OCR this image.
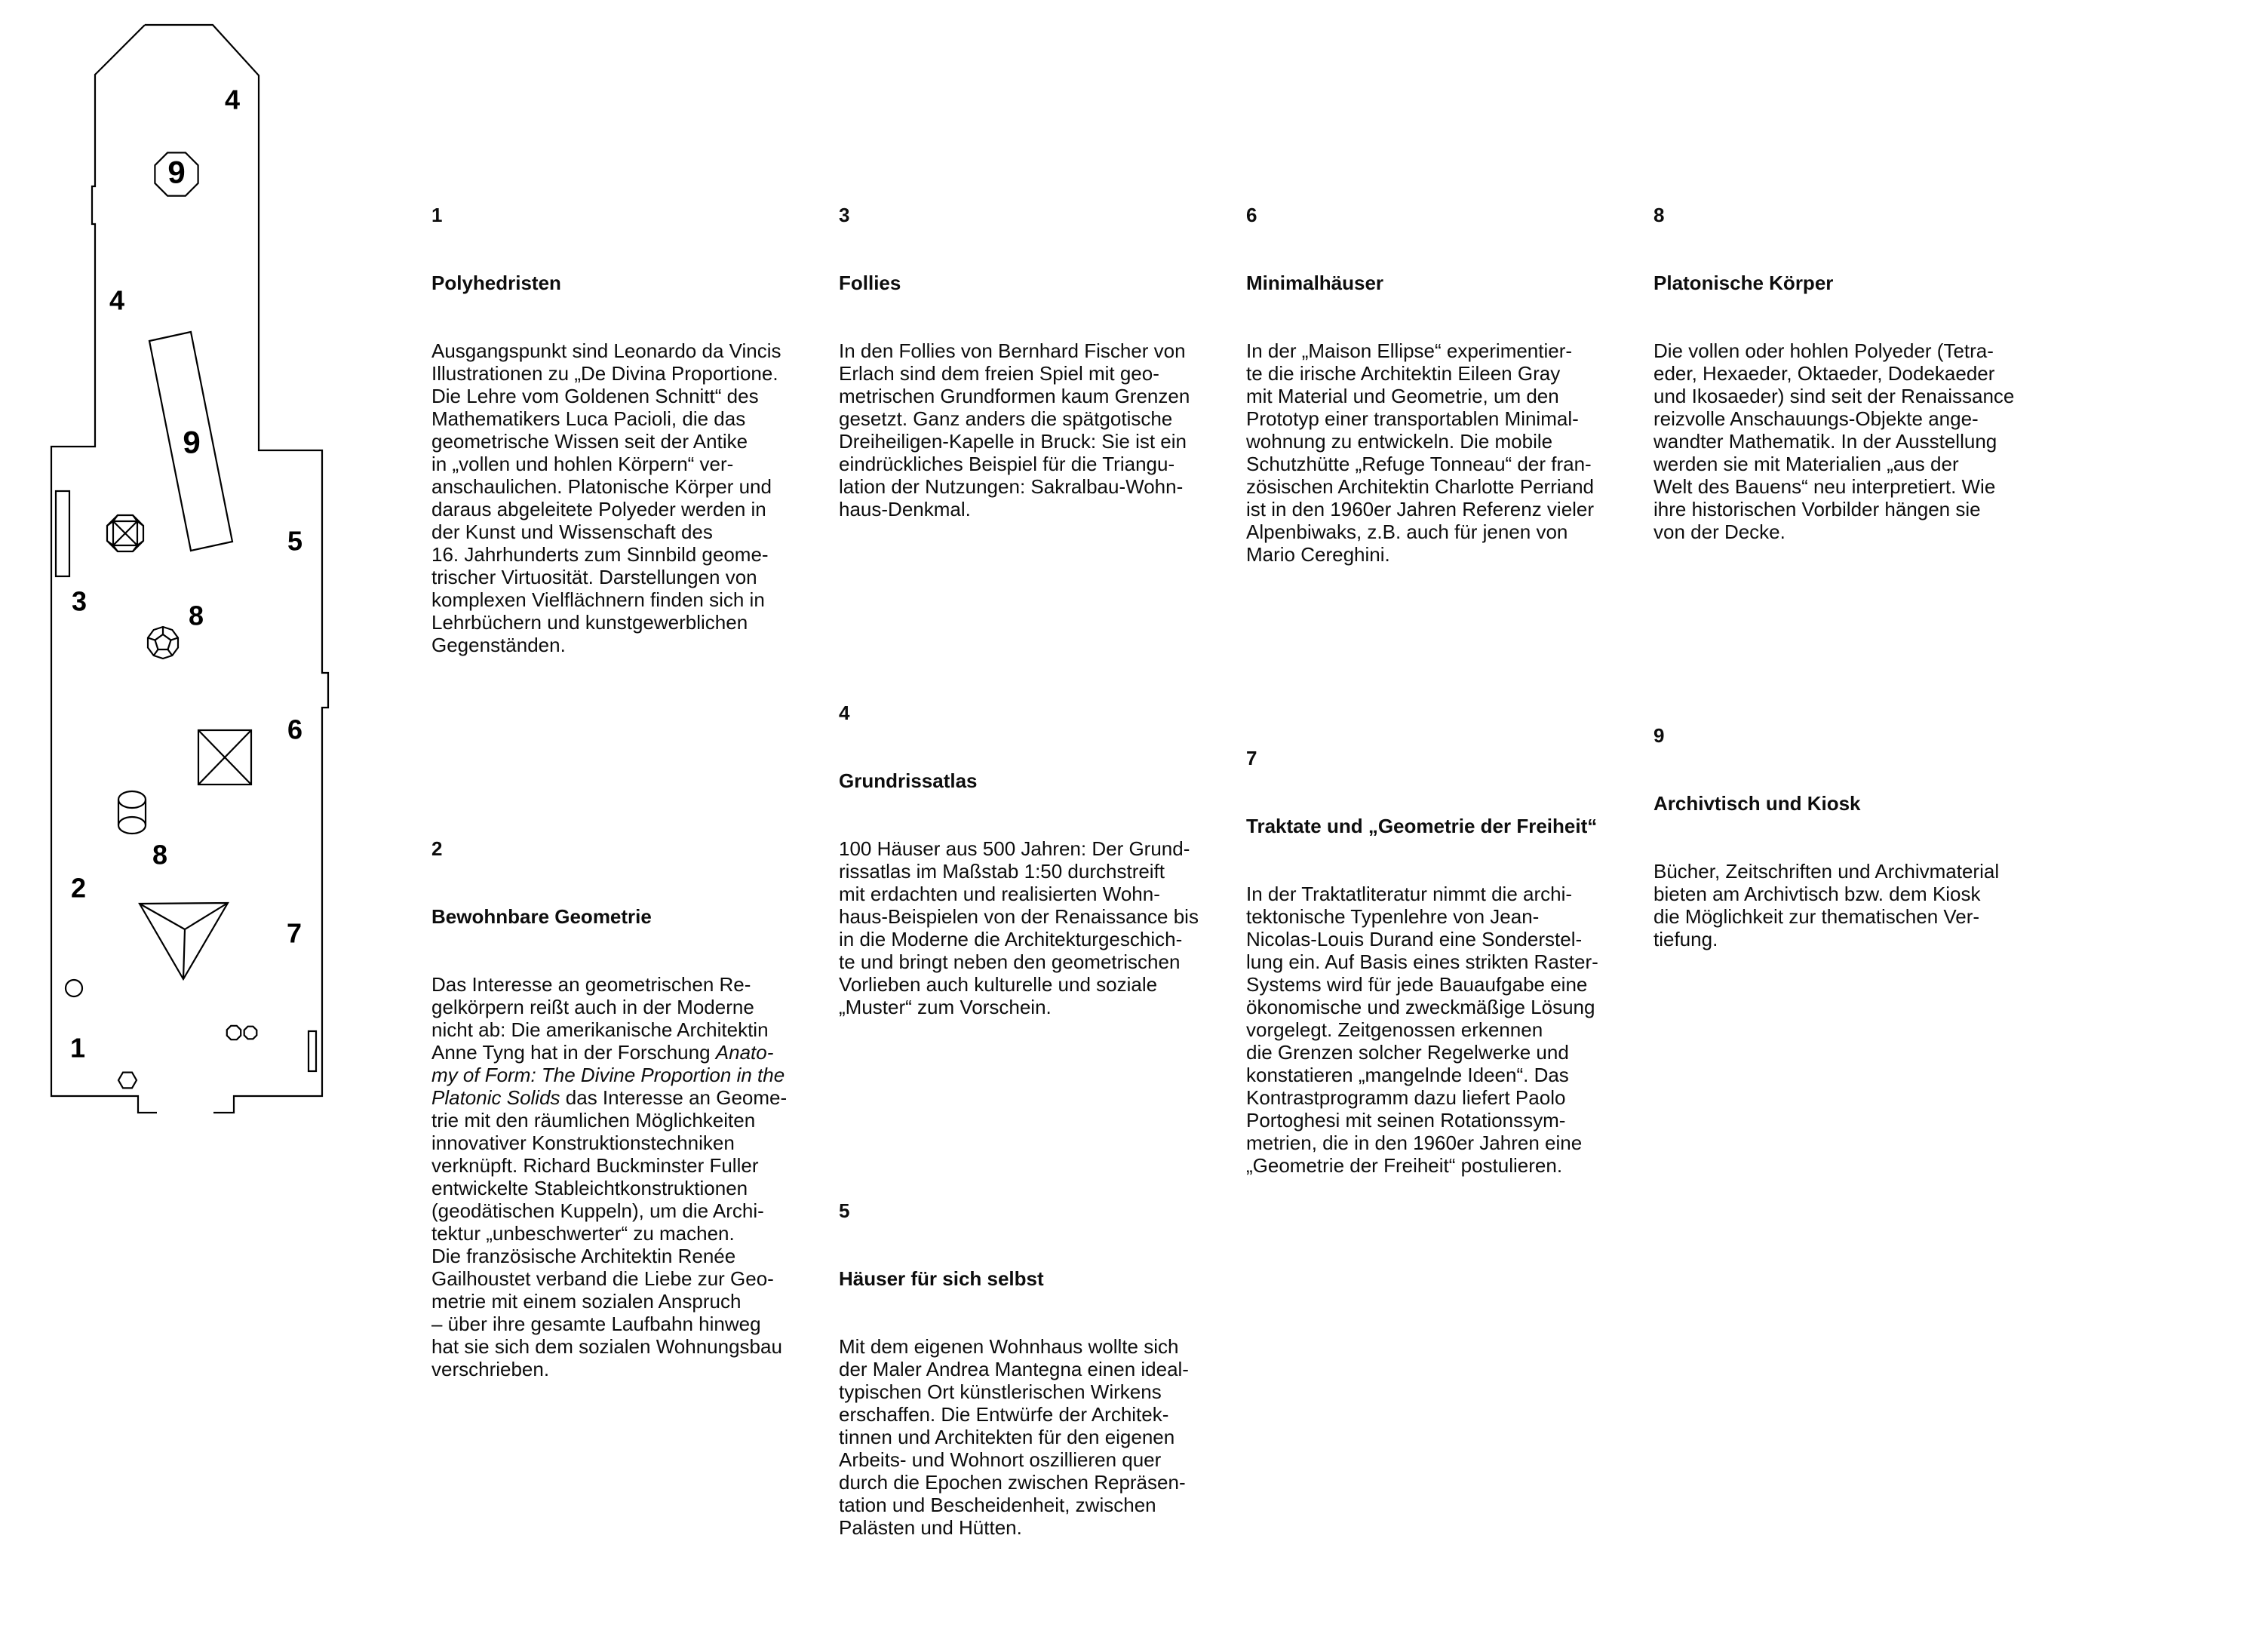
4
9
4
9
5
3	8
6
8
2
7
1

1

Polyhedristen

Ausgangspunkt sind Leonardo da Vincis
Illustrationen zu „De Divina Proportione.
Die Lehre vom Goldenen Schnitt“ des
Mathematikers Luca Pacioli, die das
geometrische Wissen seit der Antike
in „vollen und hohlen Körpern“ ver-
anschaulichen. Platonische Körper und
daraus abgeleitete Polyeder werden in
der Kunst und Wissenschaft des
16. Jahrhunderts zum Sinnbild geome-
trischer Virtuosität. Darstellungen von
komplexen Vielflächnern finden sich in
Lehrbüchern und kunstgewerblichen
Gegenständen.

2

Bewohnbare Geometrie

Das Interesse an geometrischen Re-
gelkörpern reißt auch in der Moderne
nicht ab: Die amerikanische Architektin
Anne Tyng hat in der Forschung Anato-
my of Form: The Divine Proportion in the
Platonic Solids das Interesse an Geome-
trie mit den räumlichen Möglichkeiten
innovativer Konstruktionstechniken
verknüpft. Richard Buckminster Fuller
entwickelte Stableichtkonstruktionen
(geodätischen Kuppeln), um die Archi-
tektur „unbeschwerter“ zu machen.
Die französische Architektin Renée
Gailhoustet verband die Liebe zur Geo-
metrie mit einem sozialen Anspruch
– über ihre gesamte Laufbahn hinweg
hat sie sich dem sozialen Wohnungsbau
verschrieben.

3

Follies

In den Follies von Bernhard Fischer von
Erlach sind dem freien Spiel mit geo-
metrischen Grundformen kaum Grenzen
gesetzt. Ganz anders die spätgotische
Dreiheiligen-Kapelle in Bruck: Sie ist ein
eindrückliches Beispiel für die Triangu-
lation der Nutzungen: Sakralbau-Wohn-
haus-Denkmal.

4

Grundrissatlas

100 Häuser aus 500 Jahren: Der Grund-
rissatlas im Maßstab 1:50 durchstreift
mit erdachten und realisierten Wohn-
haus-Beispielen von der Renaissance bis
in die Moderne die Architekturgeschich-
te und bringt neben den geometrischen
Vorlieben auch kulturelle und soziale
„Muster“ zum Vorschein.

5

Häuser für sich selbst

Mit dem eigenen Wohnhaus wollte sich
der Maler Andrea Mantegna einen ideal-
typischen Ort künstlerischen Wirkens
erschaffen. Die Entwürfe der Architek-
tinnen und Architekten für den eigenen
Arbeits- und Wohnort oszillieren quer
durch die Epochen zwischen Repräsen-
tation und Bescheidenheit, zwischen
Palästen und Hütten.

6

Minimalhäuser

In der „Maison Ellipse“ experimentier-
te die irische Architektin Eileen Gray
mit Material und Geometrie, um den
Prototyp einer transportablen Minimal-
wohnung zu entwickeln. Die mobile
Schutzhütte „Refuge Tonneau“ der fran-
zösischen Architektin Charlotte Perriand
ist in den 1960er Jahren Referenz vieler
Alpenbiwaks, z.B. auch für jenen von
Mario Cereghini.

7

Traktate und „Geometrie der Freiheit“

In der Traktatliteratur nimmt die archi-
tektonische Typenlehre von Jean-
Nicolas-Louis Durand eine Sonderstel-
lung ein. Auf Basis eines strikten Raster-
Systems wird für jede Bauaufgabe eine
ökonomische und zweckmäßige Lösung
vorgelegt. Zeitgenossen erkennen
die Grenzen solcher Regelwerke und
konstatieren „mangelnde Ideen“. Das
Kontrastprogramm dazu liefert Paolo
Portoghesi mit seinen Rotationssym-
metrien, die in den 1960er Jahren eine
„Geometrie der Freiheit“ postulieren.

8

Platonische Körper

Die vollen oder hohlen Polyeder (Tetra-
eder, Hexaeder, Oktaeder, Dodekaeder
und Ikosaeder) sind seit der Renaissance
reizvolle Anschauungs-Objekte ange-
wandter Mathematik. In der Ausstellung
werden sie mit Materialien „aus der
Welt des Bauens“ neu interpretiert. Wie
ihre historischen Vorbilder hängen sie
von der Decke.

9

Archivtisch und Kiosk

Bücher, Zeitschriften und Archivmaterial
bieten am Archivtisch bzw. dem Kiosk
die Möglichkeit zur thematischen Ver-
tiefung.
